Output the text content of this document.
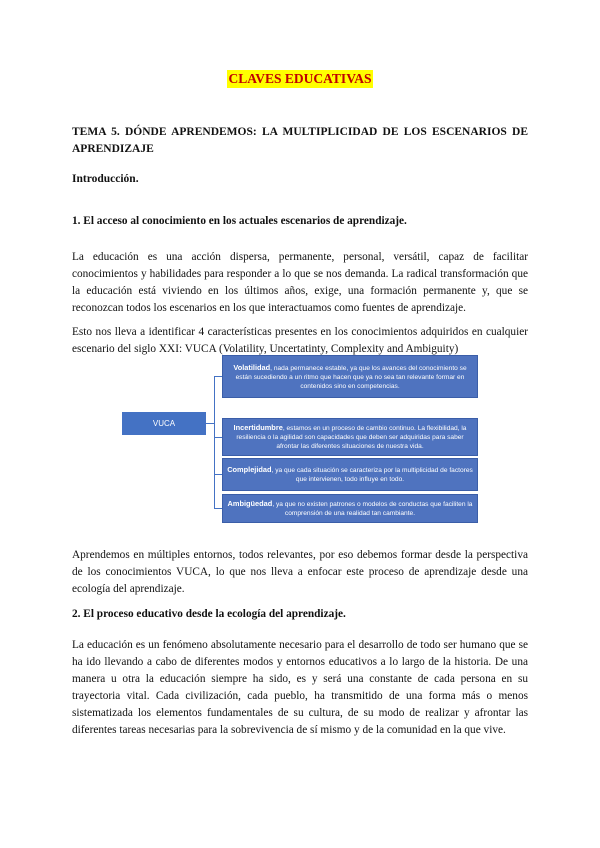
CLAVES EDUCATIVAS
TEMA 5. DÓNDE APRENDEMOS: LA MULTIPLICIDAD DE LOS ESCENARIOS DE APRENDIZAJE
Introducción.
1. El acceso al conocimiento en los actuales escenarios de aprendizaje.
La educación es una acción dispersa, permanente, personal, versátil, capaz de facilitar conocimientos y habilidades para responder a lo que se nos demanda. La radical transformación que la educación está viviendo en los últimos años, exige, una formación permanente y, que se reconozcan todos los escenarios en los que interactuamos como fuentes de aprendizaje.
Esto nos lleva a identificar 4 características presentes en los conocimientos adquiridos en cualquier escenario del siglo XXI: VUCA (Volatility, Uncertatinty, Complexity and Ambiguity)
VUCA
Volatilidad, nada permanece estable, ya que los avances del conocimiento se están sucediendo a un ritmo que hacen que ya no sea tan relevante formar en contenidos sino en competencias.
Incertidumbre, estamos en un proceso de cambio continuo. La flexibilidad, la resiliencia o la agilidad son capacidades que deben ser adquiridas para saber afrontar las diferentes situaciones de nuestra vida.
Complejidad, ya que cada situación se caracteriza por la multiplicidad de factores que intervienen, todo influye en todo.
Ambigüedad, ya que no existen patrones o modelos de conductas que faciliten la comprensión de una realidad tan cambiante.
Aprendemos en múltiples entornos, todos relevantes, por eso debemos formar desde la perspectiva de los conocimientos VUCA, lo que nos lleva a enfocar este proceso de aprendizaje desde una ecología del aprendizaje.
2. El proceso educativo desde la ecología del aprendizaje.
La educación es un fenómeno absolutamente necesario para el desarrollo de todo ser humano que se ha ido llevando a cabo de diferentes modos y entornos educativos a lo largo de la historia. De una manera u otra la educación siempre ha sido, es y será una constante de cada persona en su trayectoria vital. Cada civilización, cada pueblo, ha transmitido de una forma más o menos sistematizada los elementos fundamentales de su cultura, de su modo de realizar y afrontar las diferentes tareas necesarias para la sobrevivencia de sí mismo y de la comunidad en la que vive.
